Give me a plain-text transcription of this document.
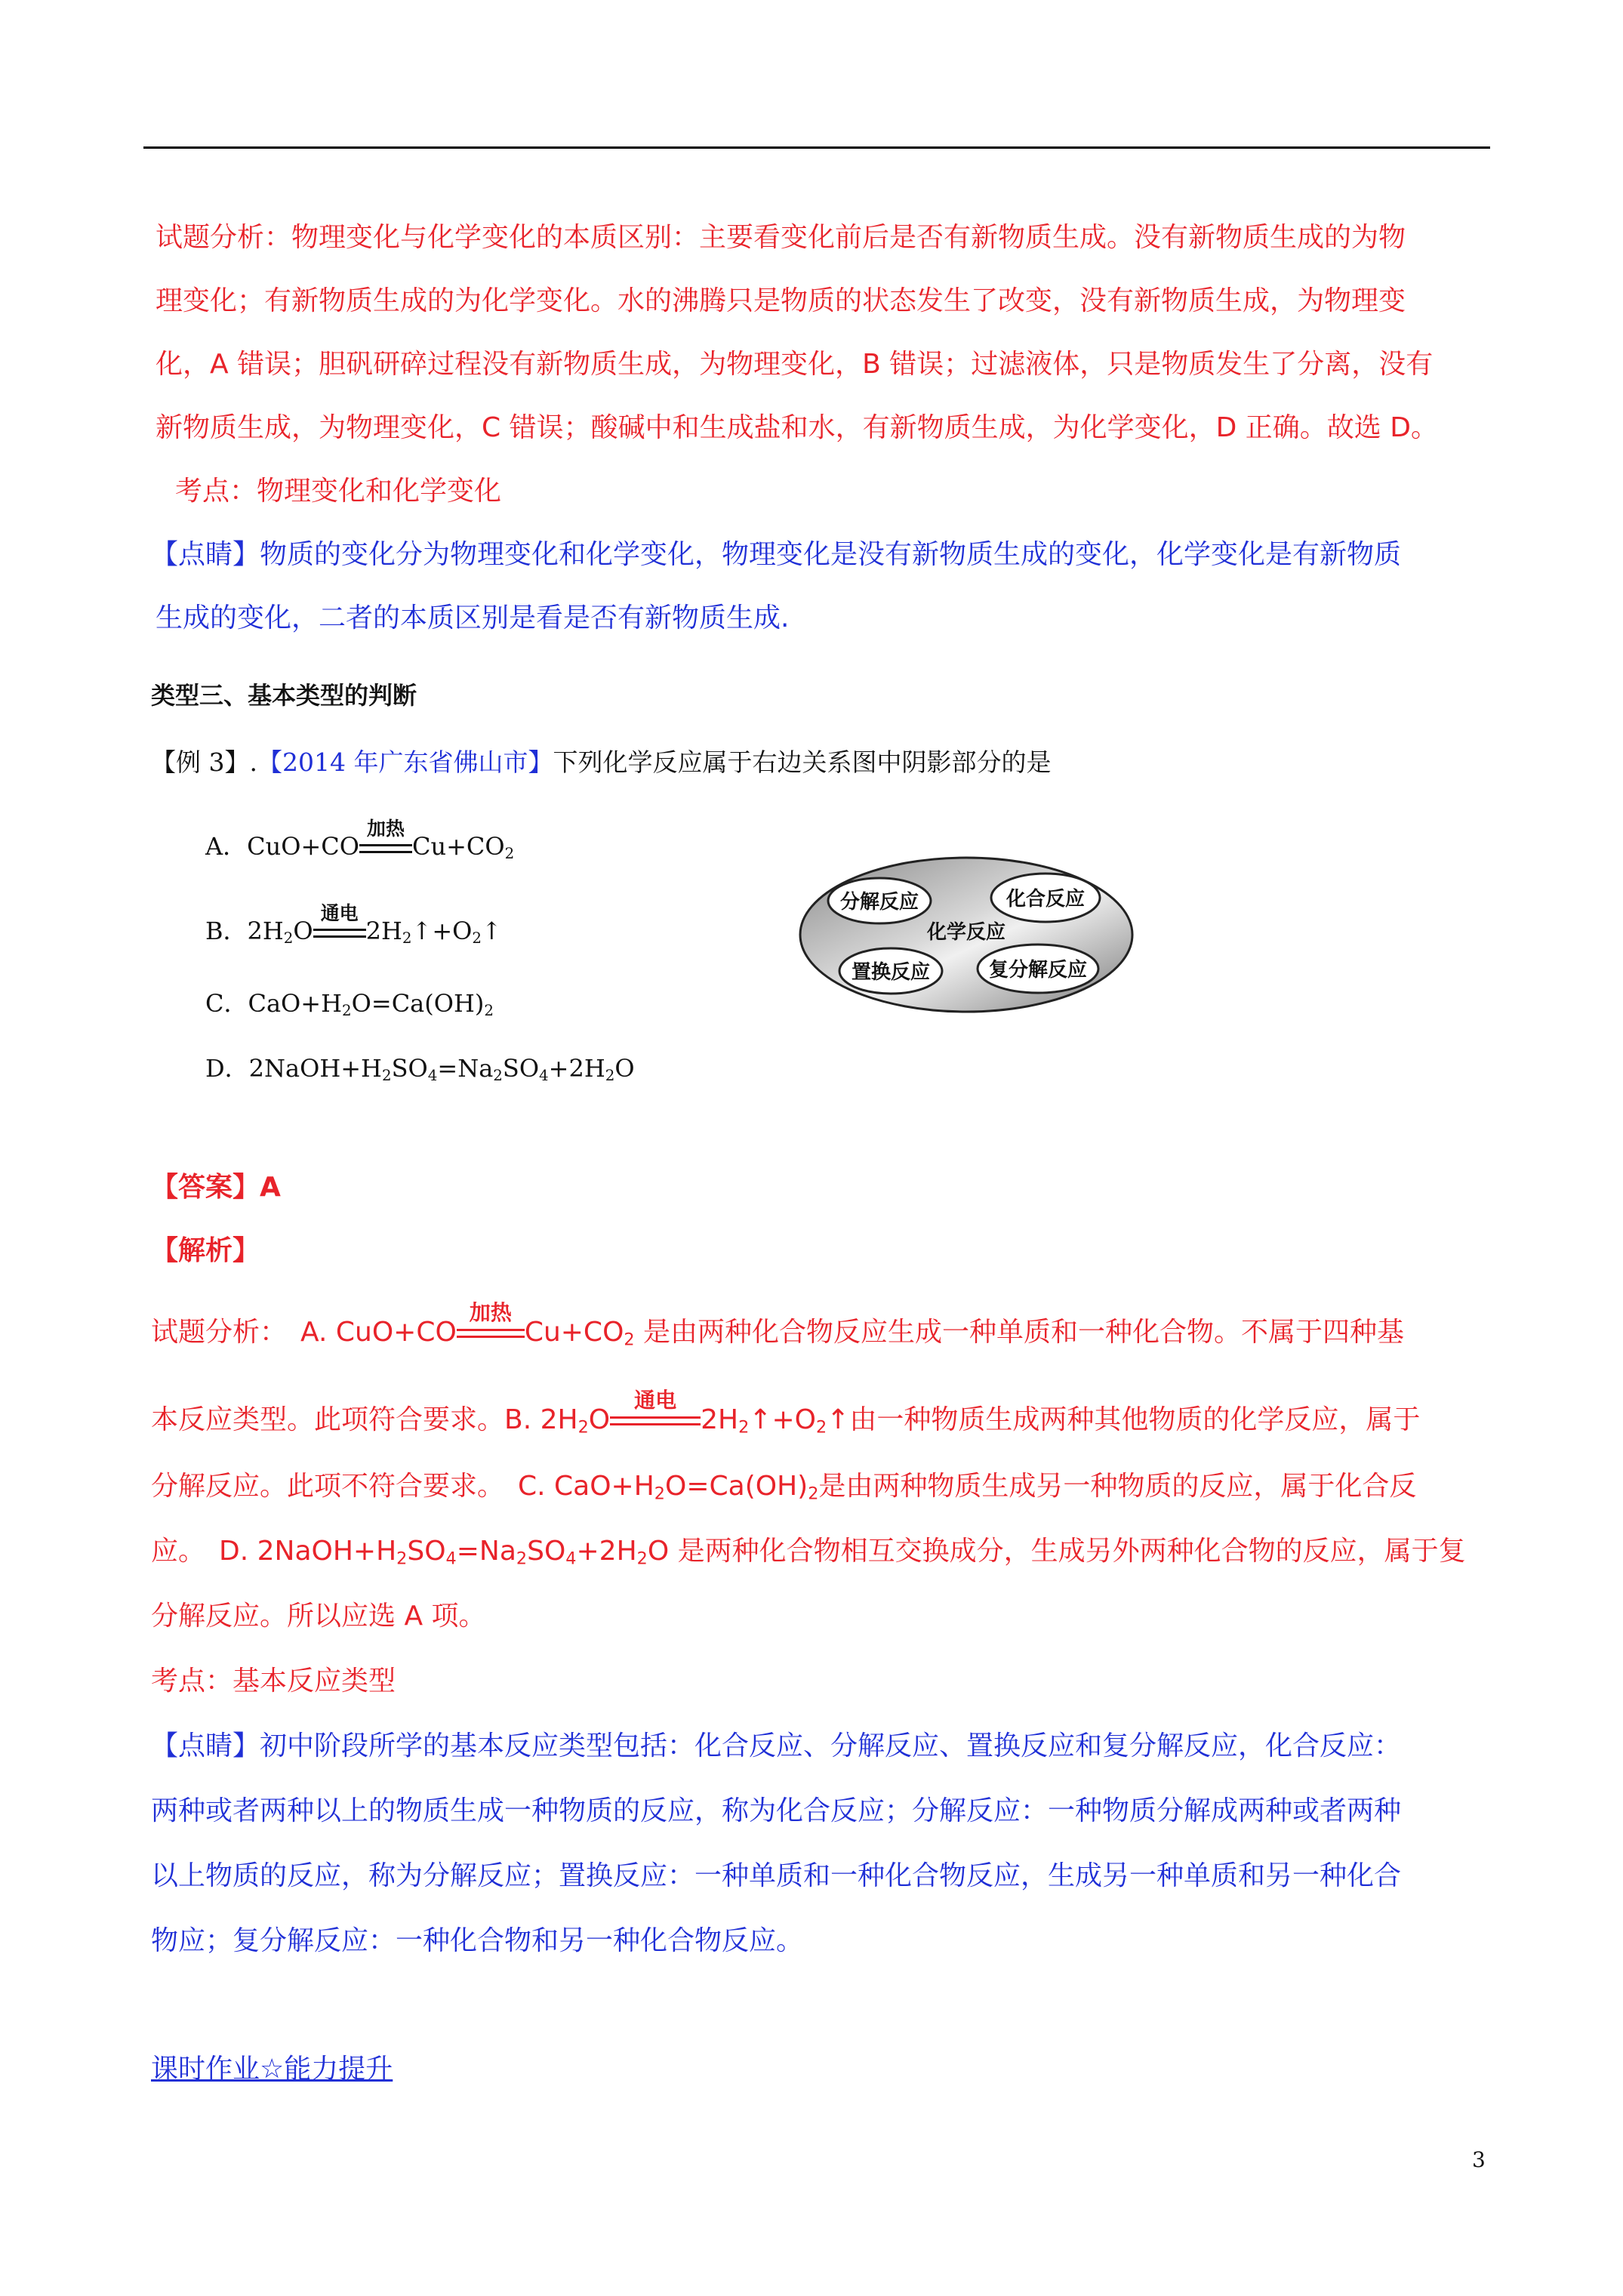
试题分析：物理变化与化学变化的本质区别：主要看变化前后是否有新物质生成。没有新物质生成的为物
理变化；有新物质生成的为化学变化。水的沸腾只是物质的状态发生了改变，没有新物质生成，为物理变
化，A 错误；胆矾研碎过程没有新物质生成，为物理变化，B 错误；过滤液体，只是物质发生了分离，没有
新物质生成，为物理变化，C 错误；酸碱中和生成盐和水，有新物质生成，为化学变化，D 正确。故选 D。
考点：物理变化和化学变化
【点睛】物质的变化分为物理变化和化学变化，物理变化是没有新物质生成的变化，化学变化是有新物质
生成的变化，二者的本质区别是看是否有新物质生成.
类型三、基本类型的判断
【例 3】.【2014 年广东省佛山市】下列化学反应属于右边关系图中阴影部分的是
A．CuO+CO
加热
$Cu+CO_2$
B．$2H_2O$
通电
$2H_2↑+O_2↑$
C．$CaO+H_2O=Ca(OH)_2$
D．$2NaOH+H_2SO_4=Na_2SO_4+2H_2O$
分解反应	化合反应
化学反应
置换反应	复分解反应
【答案】A
【解析】
试题分析：　A. CuO+CO
加热
$Cu+CO_2$ 是由两种化合物反应生成一种单质和一种化合物。不属于四种基
本反应类型。此项符合要求。B. $2H_2O$
通电
$2H_2↑+O_2↑$由一种物质生成两种其他物质的化学反应，属于
分解反应。此项不符合要求。　C. $CaO+H_2O=Ca(OH)_2$是由两种物质生成另一种物质的反应，属于化合反
应。　D. $2NaOH+H_2SO_4=Na_2SO_4+2H_2O$ 是两种化合物相互交换成分，生成另外两种化合物的反应，属于复
分解反应。所以应选 A 项。
考点：基本反应类型
【点睛】初中阶段所学的基本反应类型包括：化合反应、分解反应、置换反应和复分解反应，化合反应：
两种或者两种以上的物质生成一种物质的反应，称为化合反应；分解反应：一种物质分解成两种或者两种
以上物质的反应，称为分解反应；置换反应：一种单质和一种化合物反应，生成另一种单质和另一种化合
物应；复分解反应：一种化合物和另一种化合物反应。
课时作业☆能力提升
3
